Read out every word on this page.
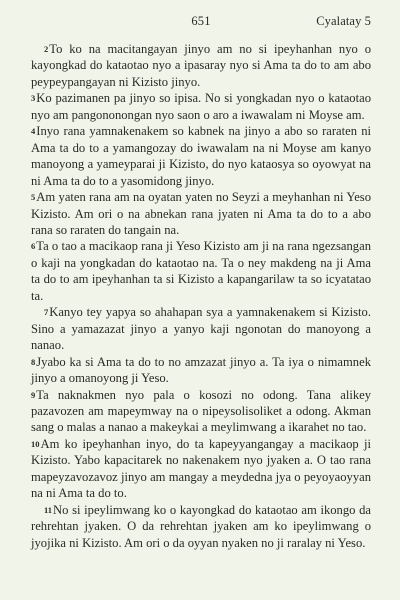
651	Cyalatay 5

2To ko na macitangayan jinyo am no si ipeyhanhan nyo o kayongkad do kataotao nyo a ipasaray nyo si Ama ta do to am abo peypeypangayan ni Kizisto jinyo.

3Ko pazimanen pa jinyo so ipisa. No si yongkadan nyo o kataotao nyo am pangononongan nyo saon o aro a iwawalam ni Moyse am.

4Inyo rana yamnakenakem so kabnek na jinyo a abo so raraten ni Ama ta do to a yamangozay do iwawalam na ni Moyse am kanyo manoyong a yameyparai ji Kizisto, do nyo kataosya so oyowyat na ni Ama ta do to a yasomidong jinyo.

5Am yaten rana am na oyatan yaten no Seyzi a meyhanhan ni Yeso Kizisto. Am ori o na abnekan rana jyaten ni Ama ta do to a abo rana so raraten do tangain na.

6Ta o tao a macikaop rana ji Yeso Kizisto am ji na rana ngezsangan o kaji na yongkadan do kataotao na. Ta o ney makdeng na ji Ama ta do to am ipeyhanhan ta si Kizisto a kapangarilaw ta so icyatatao ta.

7Kanyo tey yapya so ahahapan sya a yamnakenakem si Kizisto. Sino a yamazazat jinyo a yanyo kaji ngonotan do manoyong a nanao.

8Jyabo ka si Ama ta do to no amzazat jinyo a. Ta iya o nimamnek jinyo a omanoyong ji Yeso.

9Ta naknakmen nyo pala o kosozi no odong. Tana alikey pazavozen am mapeymway na o nipeysolisoliket a odong. Akman sang o malas a nanao a makeykai a meylimwang a ikarahet no tao.

10Am ko ipeyhanhan inyo, do ta kapeyyangangay a macikaop ji Kizisto. Yabo kapacitarek no nakenakem nyo jyaken a. O tao rana mapeyzavozavoz jinyo am mangay a meydedna jya o peyoyaoyyan na ni Ama ta do to.

11No si ipeylimwang ko o kayongkad do kataotao am ikongo da rehrehtan jyaken. O da rehrehtan jyaken am ko ipeylimwang o jyojika ni Kizisto. Am ori o da oyyan nyaken no ji raralay ni Yeso.
